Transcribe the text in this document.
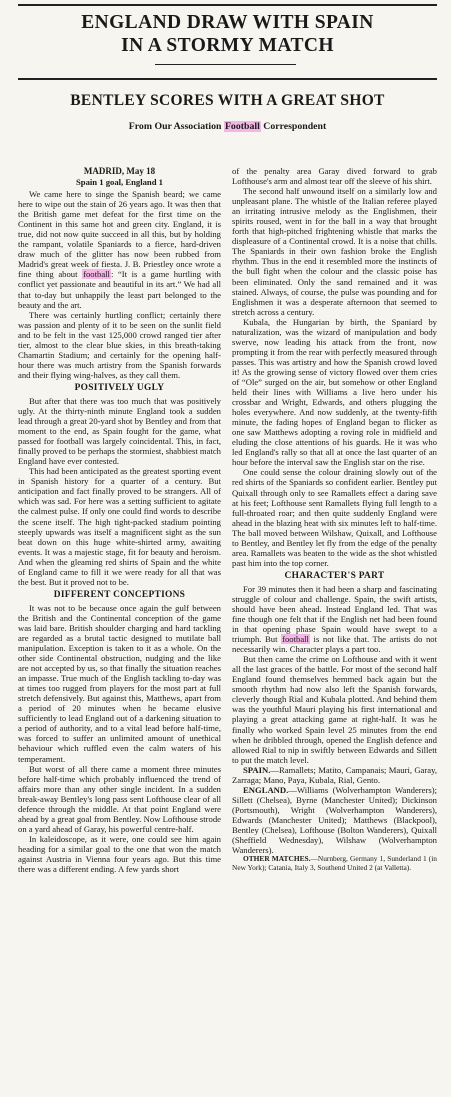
ENGLAND DRAW WITH SPAIN
IN A STORMY MATCH
BENTLEY SCORES WITH A GREAT SHOT
From Our Association Football Correspondent

MADRID, May 18

Spain 1 goal, England 1

We came here to singe the Spanish beard; we came here to wipe out the stain of 26 years ago. It was then that the British game met defeat for the first time on the Continent in this same hot and green city. England, it is true, did not now quite succeed in all this, but by holding the rampant, volatile Spaniards to a fierce, hard-driven draw much of the glitter has now been rubbed from Madrid's great week of fiesta. J. B. Priestley once wrote a fine thing about football: “It is a game hurtling with conflict yet passionate and beautiful in its art.” We had all that to-day but unhappily the least part belonged to the beauty and the art.

There was certainly hurtling conflict; certainly there was passion and plenty of it to be seen on the sunlit field and to be felt in the vast 125,000 crowd ranged tier after tier, almost to the clear blue skies, in this breath-taking Chamartin Stadium; and certainly for the opening half-hour there was much artistry from the Spanish forwards and their flying wing-halves, as they call them.

POSITIVELY UGLY

But after that there was too much that was positively ugly. At the thirty-ninth minute England took a sudden lead through a great 20-yard shot by Bentley and from that moment to the end, as Spain fought for the game, what passed for football was largely coincidental. This, in fact, finally proved to be perhaps the stormiest, shabbiest match England have ever contested.

This had been anticipated as the greatest sporting event in Spanish history for a quarter of a century. But anticipation and fact finally proved to be strangers. All of which was sad. For here was a setting sufficient to agitate the calmest pulse. If only one could find words to describe the scene itself. The high tight-packed stadium pointing steeply upwards was itself a magnificent sight as the sun beat down on this huge white-shirted army, awaiting events. It was a majestic stage, fit for beauty and heroism. And when the gleaming red shirts of Spain and the white of England came to fill it we were ready for all that was the best. But it proved not to be.

DIFFERENT CONCEPTIONS

It was not to be because once again the gulf between the British and the Continental conception of the game was laid bare. British shoulder charging and hard tackling are regarded as a brutal tactic designed to mutilate ball manipulation. Exception is taken to it as a whole. On the other side Continental obstruction, nudging and the like are not accepted by us, so that finally the situation reaches an impasse. True much of the English tackling to-day was at times too rugged from players for the most part at full stretch defensively. But against this, Matthews, apart from a period of 20 minutes when he became elusive sufficiently to lead England out of a darkening situation to a period of authority, and to a vital lead before half-time, was forced to suffer an unlimited amount of unethical behaviour which ruffled even the calm waters of his temperament.

But worst of all there came a moment three minutes before half-time which probably influenced the trend of affairs more than any other single incident. In a sudden break-away Bentley's long pass sent Lofthouse clear of all defence through the middle. At that point England were ahead by a great goal from Bentley. Now Lofthouse strode on a yard ahead of Garay, his powerful centre-half.

In kaleidoscope, as it were, one could see him again heading for a similar goal to the one that won the match against Austria in Vienna four years ago. But this time there was a different ending. A few yards short

of the penalty area Garay dived forward to grab Lofthouse's arm and almost tear off the sleeve of his shirt.

The second half unwound itself on a similarly low and unpleasant plane. The whistle of the Italian referee played an irritating intrusive melody as the Englishmen, their spirits roused, went in for the ball in a way that brought forth that high-pitched frightening whistle that marks the displeasure of a Continental crowd. It is a noise that chills. The Spaniards in their own fashion broke the English rhythm. Thus in the end it resembled more the instincts of the bull fight when the colour and the classic poise has been eliminated. Only the sand remained and it was stained. Always, of course, the pulse was pounding and for Englishmen it was a desperate afternoon that seemed to stretch across a century.

Kubala, the Hungarian by birth, the Spaniard by naturalization, was the wizard of manipulation and body swerve, now leading his attack from the front, now prompting it from the rear with perfectly measured through passes. This was artistry and how the Spanish crowd loved it! As the growing sense of victory flowed over them cries of “Ole” surged on the air, but somehow or other England held their lines with Williams a live hero under his crossbar and Wright, Edwards, and others plugging the holes everywhere. And now suddenly, at the twenty-fifth minute, the fading hopes of England began to flicker as one saw Matthews adopting a roving role in midfield and eluding the close attentions of his guards. He it was who led England's rally so that all at once the last quarter of an hour before the interval saw the English star on the rise.

One could sense the colour draining slowly out of the red shirts of the Spaniards so confident earlier. Bentley put Quixall through only to see Ramallets effect a daring save at his feet; Lofthouse sent Ramallets flying full length to a full-throated roar; and then quite suddenly England were ahead in the blazing heat with six minutes left to half-time. The ball moved between Wilshaw, Quixall, and Lofthouse to Bentley, and Bentley let fly from the edge of the penalty area. Ramallets was beaten to the wide as the shot whistled past him into the top corner.

CHARACTER'S PART

For 39 minutes then it had been a sharp and fascinating struggle of colour and challenge. Spain, the swift artists, should have been ahead. Instead England led. That was fine though one felt that if the English net had been found in that opening phase Spain would have swept to a triumph. But football is not like that. The artists do not necessarily win. Character plays a part too.

But then came the crime on Lofthouse and with it went all the last graces of the battle. For most of the second half England found themselves hemmed back again but the smooth rhythm had now also left the Spanish forwards, cleverly though Rial and Kubala plotted. And behind them was the youthful Mauri playing his first international and playing a great attacking game at right-half. It was he finally who worked Spain level 25 minutes from the end when he dribbled through, opened the English defence and allowed Rial to nip in swiftly between Edwards and Sillett to put the match level.

SPAIN.—Ramallets; Matito, Campanais; Mauri, Garay, Zarraga; Mano, Paya, Kubala, Rial, Gento.

ENGLAND.—Williams (Wolverhampton Wanderers); Sillett (Chelsea), Byrne (Manchester United); Dickinson (Portsmouth), Wright (Wolverhampton Wanderers), Edwards (Manchester United); Matthews (Blackpool), Bentley (Chelsea), Lofthouse (Bolton Wanderers), Quixall (Sheffield Wednesday), Wilshaw (Wolverhampton Wanderers).

OTHER MATCHES.—Nurnberg, Germany 1, Sunderland 1 (in New York); Catania, Italy 3, Southend United 2 (at Valletta).
